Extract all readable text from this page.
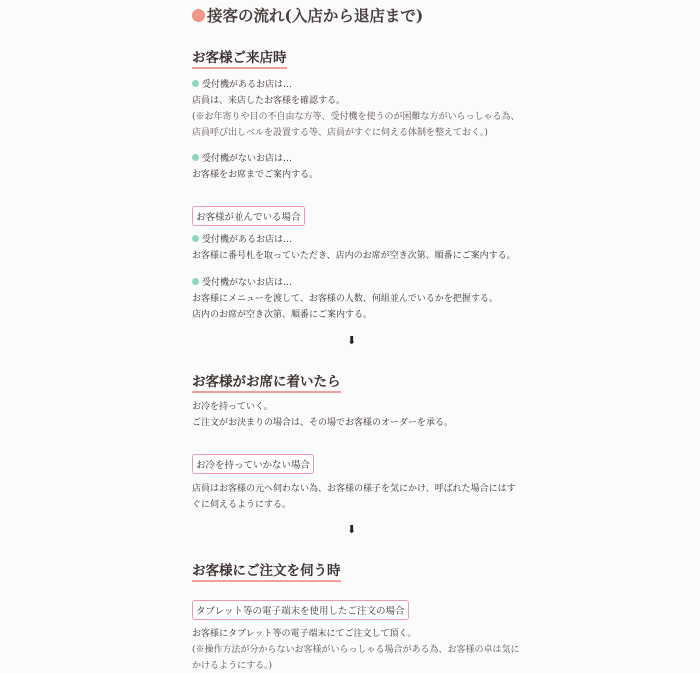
接客の流れ(入店から退店まで)
お客様ご来店時
受付機があるお店は…
店員は、来店したお客様を確認する。
(※お年寄りや目の不自由な方等、受付機を使うのが困難な方がいらっしゃる為、
店員呼び出しベルを設置する等、店員がすぐに伺える体制を整えておく。)
受付機がないお店は…
お客様をお席までご案内する。
お客様が並んでいる場合
受付機があるお店は…
お客様に番号札を取っていただき、店内のお席が空き次第、順番にご案内する。
受付機がないお店は…
お客様にメニューを渡して、お客様の人数、何組並んでいるかを把握する。
店内のお席が空き次第、順番にご案内する。
⬇
お客様がお席に着いたら
お冷を持っていく。
ご注文がお決まりの場合は、その場でお客様のオーダーを承る。
お冷を持っていかない場合
店員はお客様の元へ伺わない為、お客様の様子を気にかけ、呼ばれた場合にはす
ぐに伺えるようにする。
⬇
お客様にご注文を伺う時
タブレット等の電子端末を使用したご注文の場合
お客様にタブレット等の電子端末にてご注文して頂く。
(※操作方法が分からないお客様がいらっしゃる場合がある為、お客様の卓は気に
かけるようにする。)
